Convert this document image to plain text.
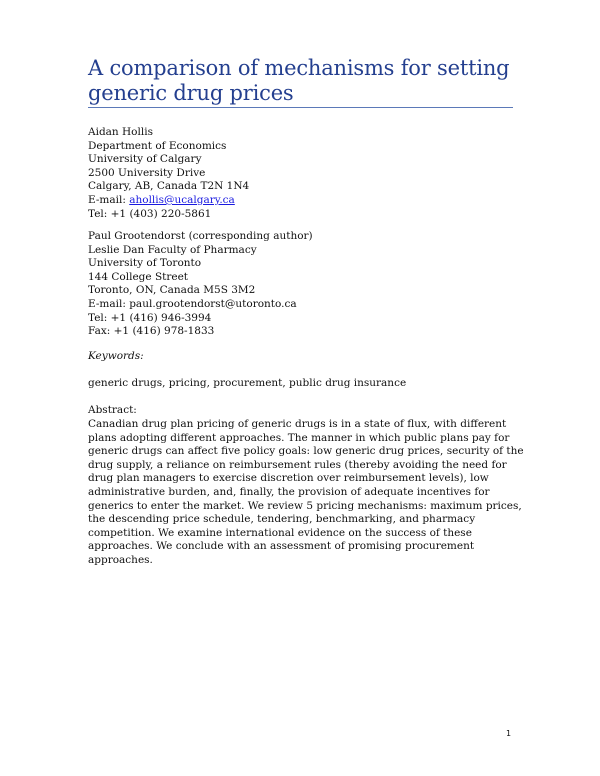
A comparison of mechanisms for setting
generic drug prices
Aidan Hollis
Department of Economics
University of Calgary
2500 University Drive
Calgary, AB, Canada T2N 1N4
E-mail: ahollis@ucalgary.ca
Tel: +1 (403) 220-5861
Paul Grootendorst (corresponding author)
Leslie Dan Faculty of Pharmacy
University of Toronto
144 College Street
Toronto, ON, Canada M5S 3M2
E-mail: paul.grootendorst@utoronto.ca
Tel: +1 (416) 946-3994
Fax: +1 (416) 978-1833
Keywords:
generic drugs, pricing, procurement, public drug insurance
Abstract:
Canadian drug plan pricing of generic drugs is in a state of flux, with different
plans adopting different approaches. The manner in which public plans pay for
generic drugs can affect five policy goals: low generic drug prices, security of the
drug supply, a reliance on reimbursement rules (thereby avoiding the need for
drug plan managers to exercise discretion over reimbursement levels), low
administrative burden, and, finally, the provision of adequate incentives for
generics to enter the market. We review 5 pricing mechanisms: maximum prices,
the descending price schedule, tendering, benchmarking, and pharmacy
competition. We examine international evidence on the success of these
approaches. We conclude with an assessment of promising procurement
approaches.
1
